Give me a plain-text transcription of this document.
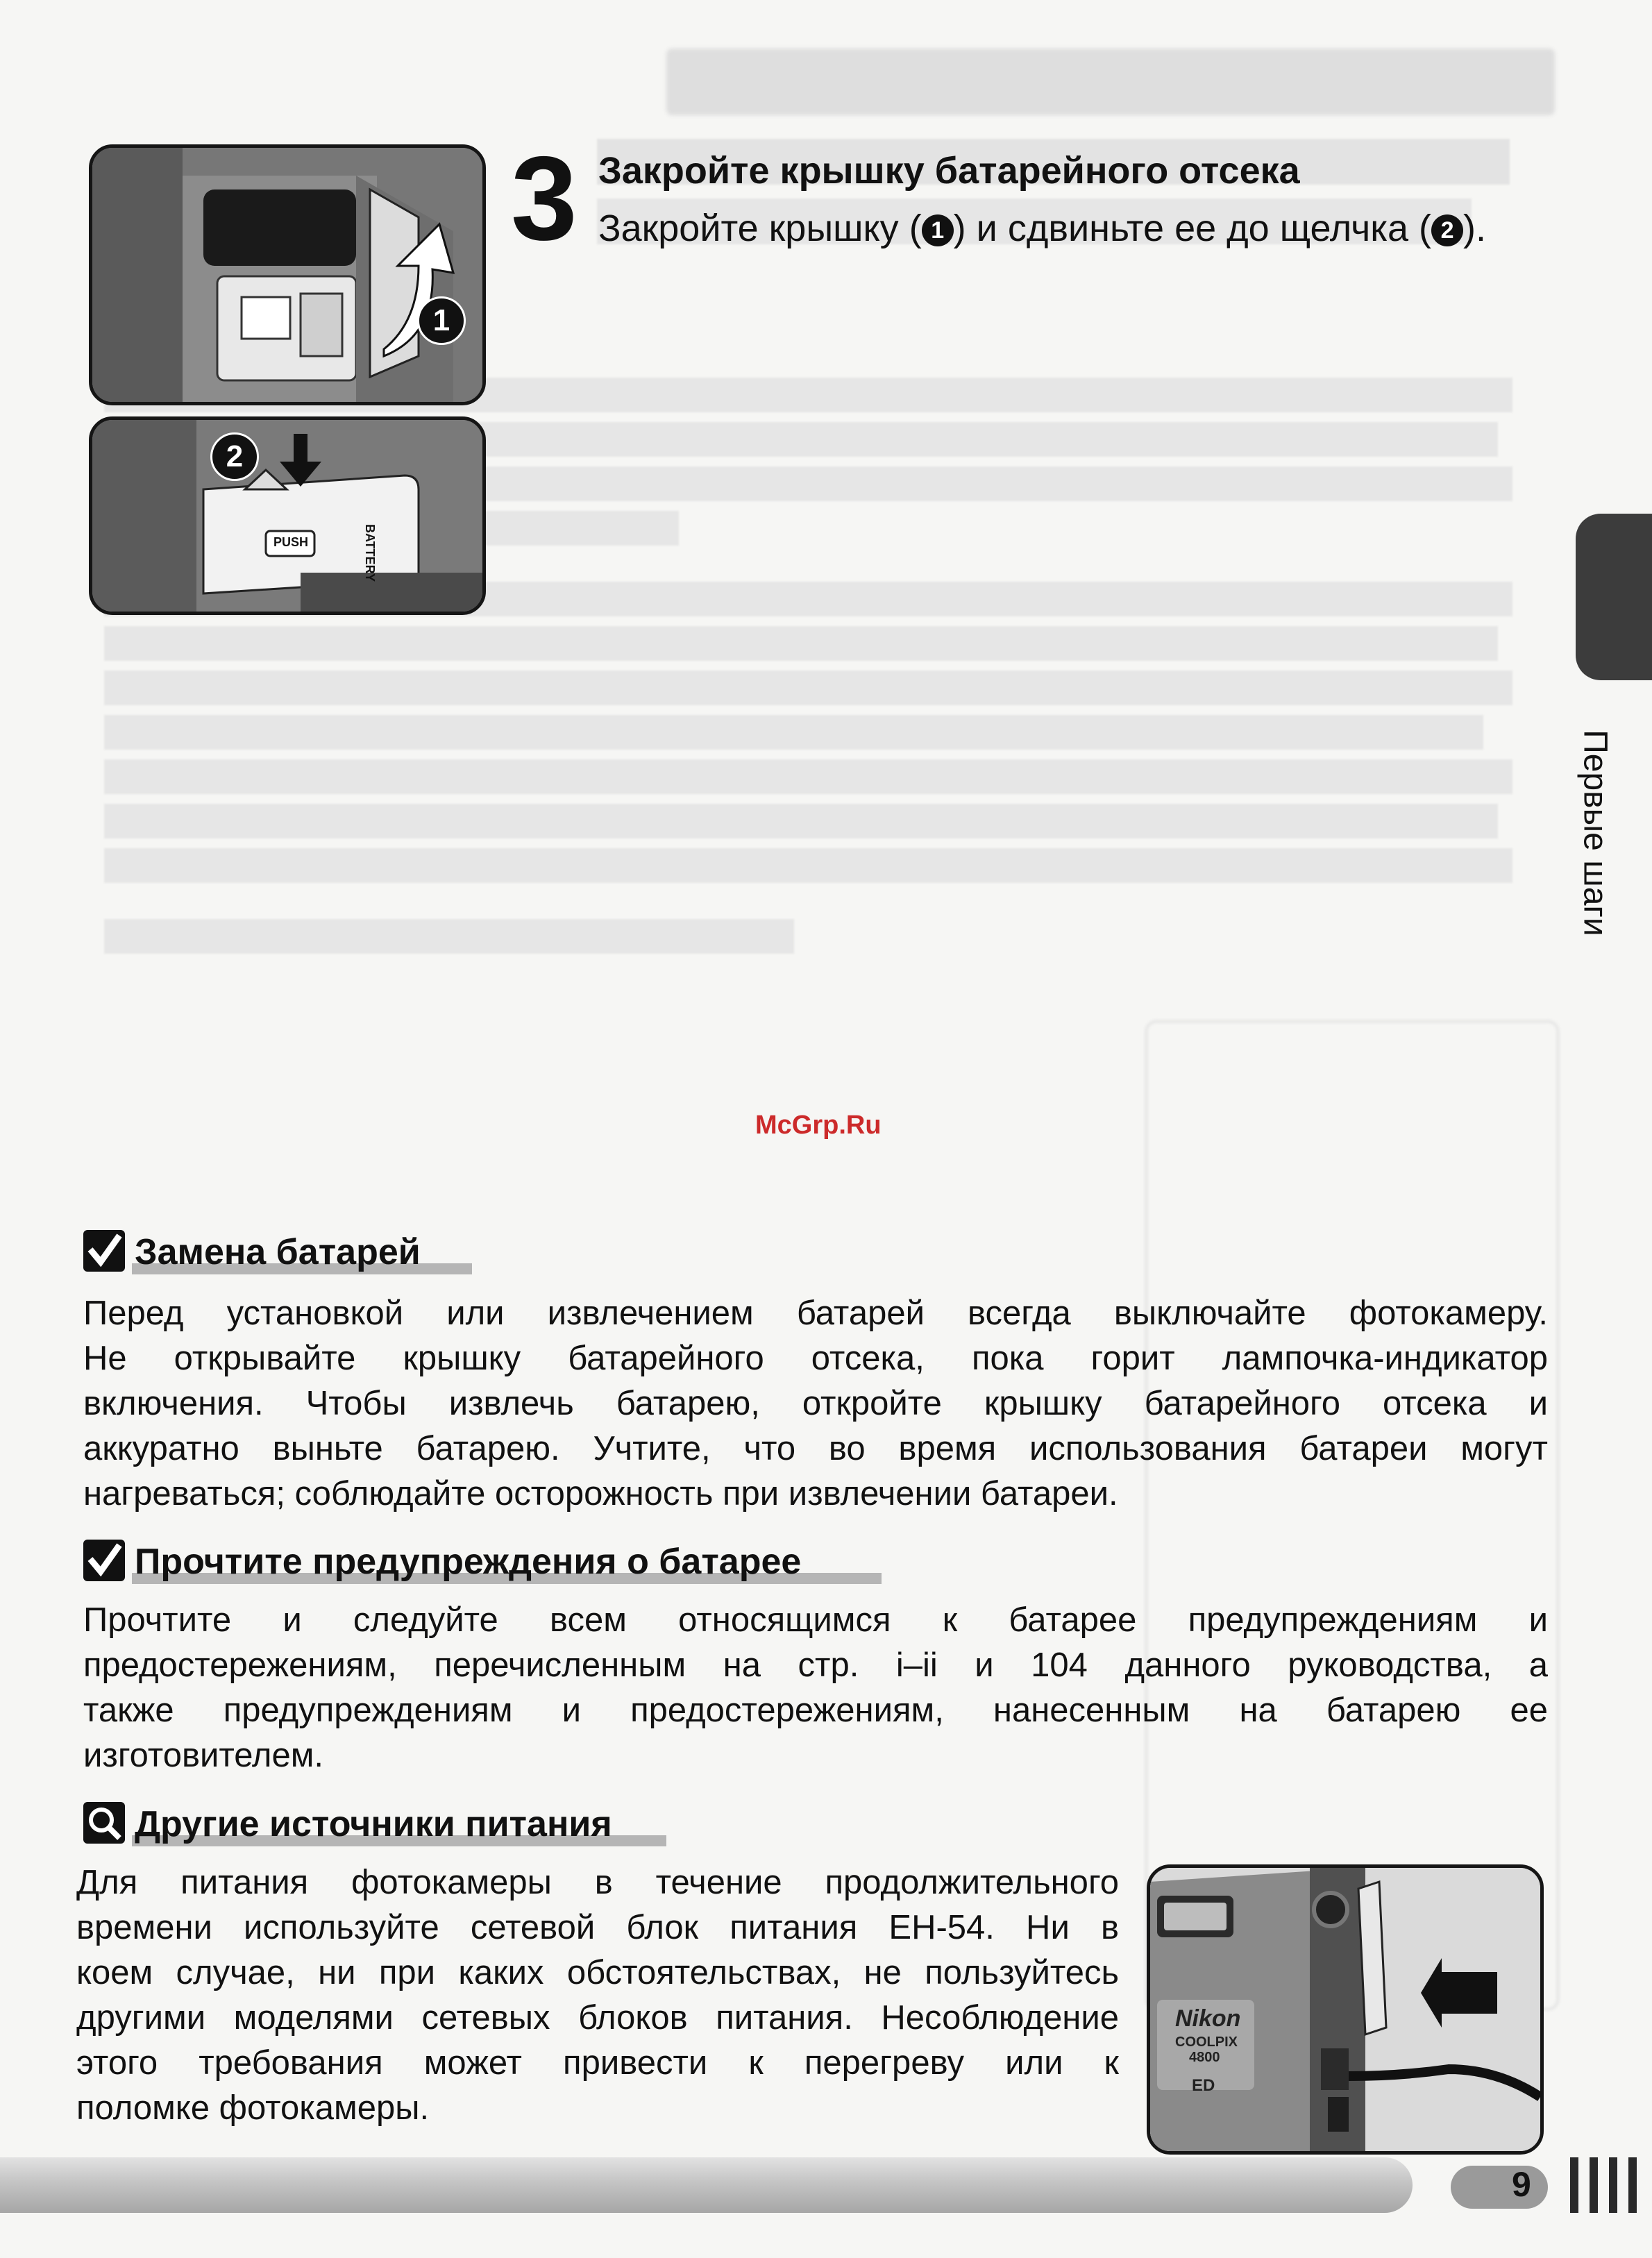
1
2
PUSH	BATTERY
3 Закройте крышку батарейного отсека
Закройте крышку ( 1 ) и сдвиньте ее до щелчка ( 2 ).
Первые шаги
McGrp.Ru
Замена батарей
Перед установкой или извлечением батарей всегда выключайте фотокамеру.
Не открывайте крышку батарейного отсека, пока горит лампочка-индикатор
включения. Чтобы извлечь батарею, откройте крышку батарейного отсека и
аккуратно выньте батарею. Учтите, что во время использования батареи могут
нагреваться; соблюдайте осторожность при извлечении батареи.
Прочтите предупреждения о батарее
Прочтите и следуйте всем относящимся к батарее предупреждениям и
предостережениям, перечисленным на стр. i–ii и 104 данного руководства, а
также предупреждениям и предостережениям, нанесенным на батарею ее
изготовителем.
Другие источники питания
Для питания фотокамеры в течение продолжительного
времени используйте сетевой блок питания EH-54. Ни в
коем случае, ни при каких обстоятельствах, не пользуйтесь
другими моделями сетевых блоков питания. Несоблюдение
этого требования может привести к перегреву или к
поломке фотокамеры.
Nikon
COOLPIX
4800
ED
9
